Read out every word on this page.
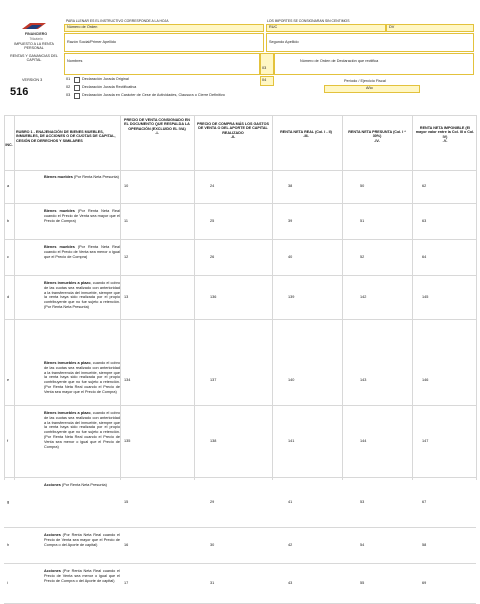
FINANCIERO
Tributario
PARA LLENAR ES EL INSTRUCTIVO CORRESPONDE A LA HOJA	LOS IMPORTES SE CONSIGNARAN SIN CENTIMOS
Número de Orden	RUC	DV
Razón Social/Primer Apellido	Segundo Apellido
IMPUESTO A LA RENTA PERSONAL
RENTAS Y GANANCIAS DEL CAPITAL	Nombres
03
Número de Orden de Declaración que rectifica
VERSION 3
516
01	Declaración Jurada Original
02	Declaración Jurada Rectificativa
03	Declaración Jurada en Carácter de Cese de Actividades, Clausura o Cierre Definitivo
04	Período / Ejercicio Fiscal
Año
INC.
RUBRO 1 - ENAJENACIÓN DE BIENES MUEBLES, INMUEBLES, DE ACCIONES O DE CUOTAS DE CAPITAL, CESIÓN DE DERECHOS Y SIMILARES
PRECIO DE VENTA CONSIGNADO EN EL DOCUMENTO QUE RESPALDA LA OPERACIÓN (EXCLUIDO EL IVA)
-I-
PRECIO DE COMPRA MÁS LOS GASTOS DE VENTA O DEL APORTE DE CAPITAL REALIZADO
-II-
RENTA NETA REAL (Col. I - II)
-III-
RENTA NETA PRESUNTA (Col. I * 30%)
-IV-
RENTA NETA IMPONIBLE (El mayor valor entre la Col. III o Col. IV)
-V-
a
Bienes muebles (Por Renta Neta Presunta)
10	24	38	50	62
b
Bienes muebles (Por Renta Neta Real cuando el Precio de Venta sea mayor que el Precio de Compra)	11	25	39	51	63
c
Bienes muebles (Por Renta Neta Real cuando el Precio de Venta sea menor o igual que el Precio de Compra)	12	26	40	52	64
d
Bienes inmuebles a plazo, cuando el cobro de las cuotas sea realizado con anterioridad a la transferencia del inmueble, siempre que la venta haya sido realizada por el propio contribuyente que no fue sujeto a retención. (Por Renta Neta Presunta)
13	136	139	142	145
e
Bienes inmuebles a plazo, cuando el cobro de las cuotas sea realizado con anterioridad a la transferencia del inmueble, siempre que la venta haya sido realizada por el propio contribuyente que no fue sujeto a retención. (Por Renta Neta Real cuando el Precio de Venta sea mayor que el Precio de Compra)
134	137	140	143	146
f
Bienes inmuebles a plazo, cuando el cobro de las cuotas sea realizado con anterioridad a la transferencia del inmueble, siempre que la venta haya sido realizada por el propio contribuyente que no fue sujeto a retención. (Por Renta Neta Real cuando el Precio de Venta sea menor o igual que el Precio de Compra)
135	138	141	144	147
g
Acciones (Por Renta Neta Presunta)
15	29	41	53	67
h
Acciones (Por Renta Neta Real cuando el Precio de Venta sea mayor que el Precio de Compra o del Aporte de capital)	16	30	42	54	58
i
Acciones (Por Renta Neta Real cuando el Precio de Venta sea menor o igual que el Precio de Compra o del Aporte de capital)
17	31	43	55	69
